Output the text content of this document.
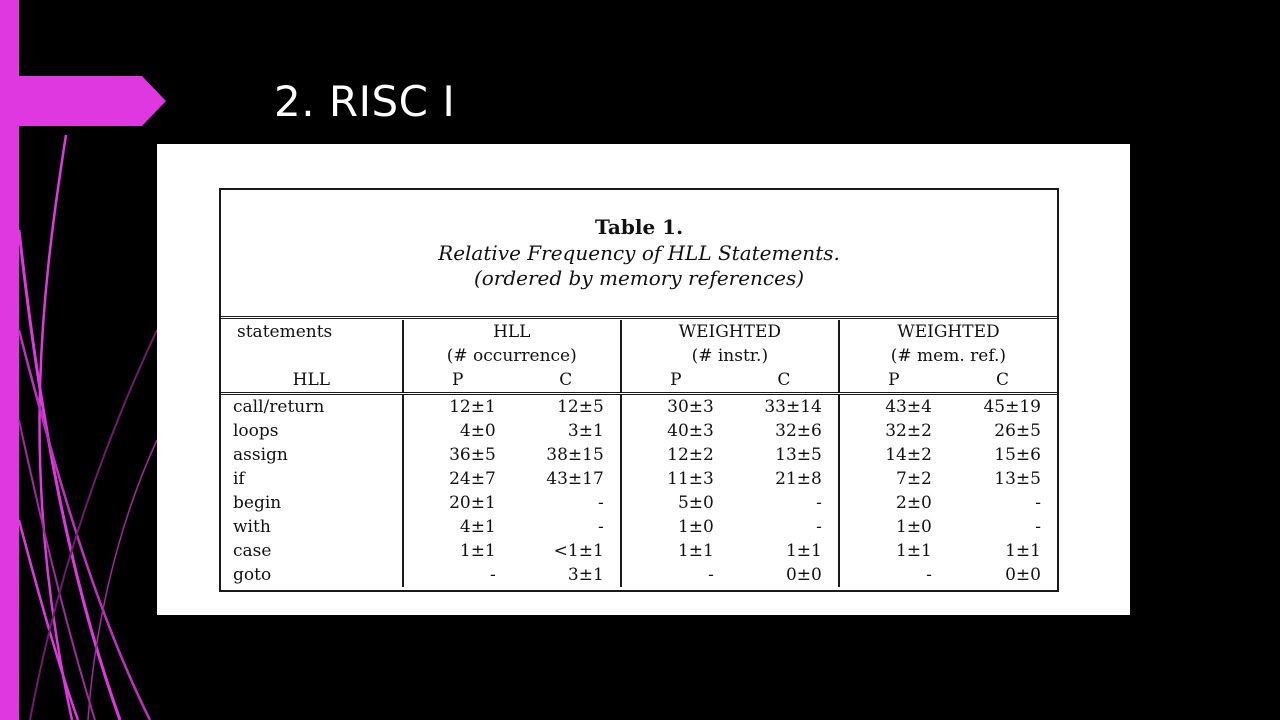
2. RISC I
Table 1.
Relative Frequency of HLL Statements.
(ordered by memory references)
statements	HLL		WEIGHTED		WEIGHTED	
	(# occurrence)		(# instr.)		(# mem. ref.)	
HLL	P	C	P	C	P	C
call/return	12±1	12±5	30±3	33±14	43±4	45±19
loops	4±0	3±1	40±3	32±6	32±2	26±5
assign	36±5	38±15	12±2	13±5	14±2	15±6
if	24±7	43±17	11±3	21±8	7±2	13±5
begin	20±1	-	5±0	-	2±0	-
with	4±1	-	1±0	-	1±0	-
case	1±1	<1±1	1±1	1±1	1±1	1±1
goto	-	3±1	-	0±0	-	0±0
